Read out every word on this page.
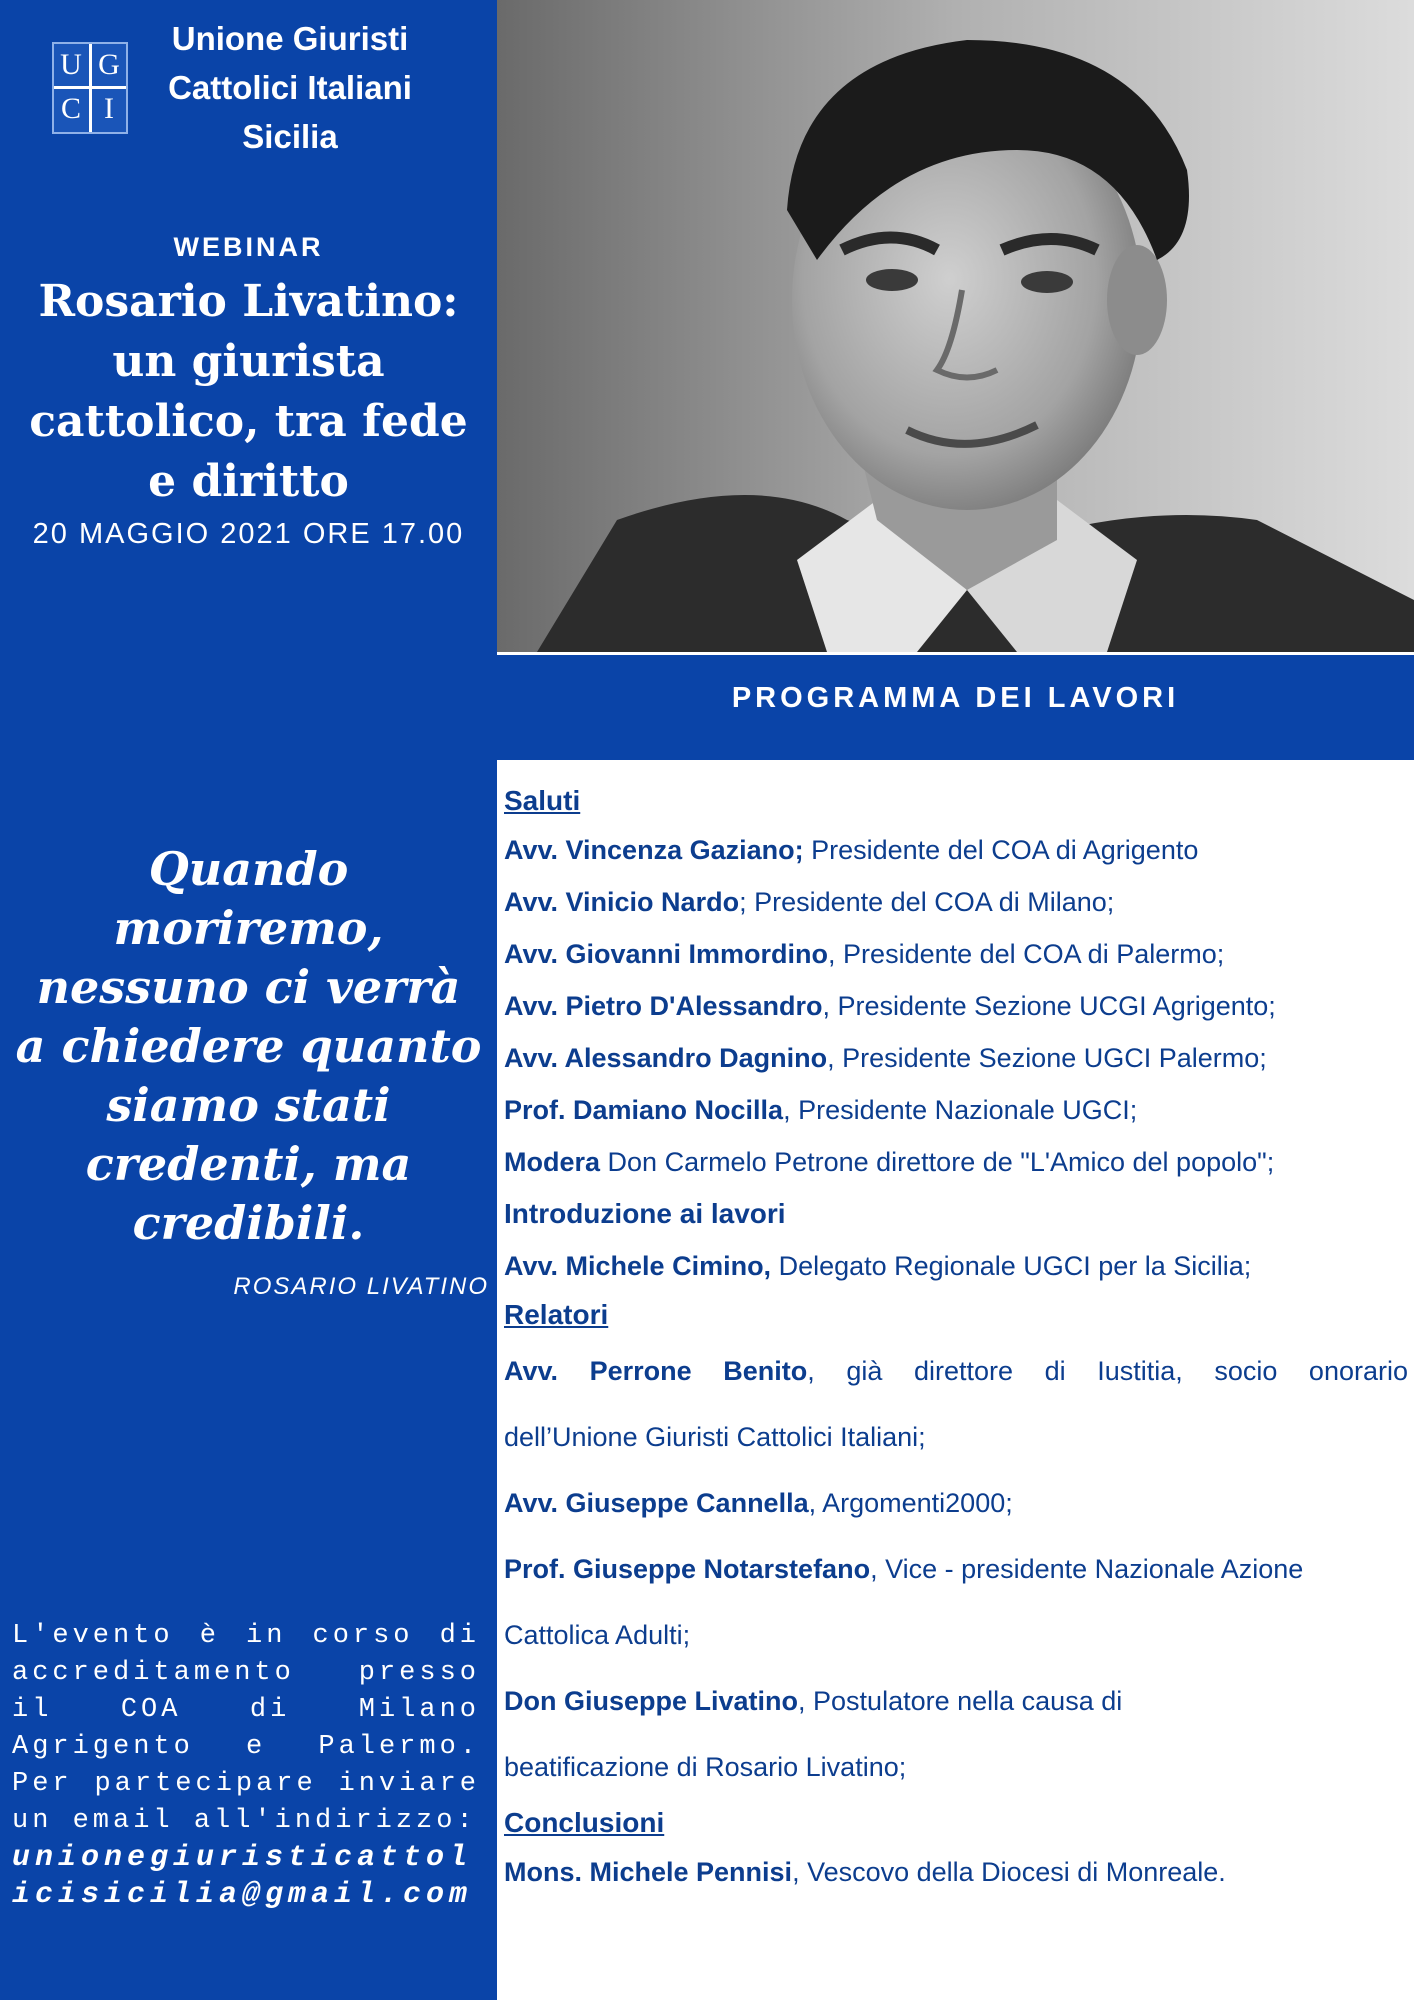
U G
C I
Unione Giuristi
Cattolici Italiani
Sicilia
WEBINAR
Rosario Livatino:
un giurista
cattolico, tra fede
e diritto
20 MAGGIO 2021 ORE 17.00
Quando
moriremo,
nessuno ci verrà
a chiedere quanto
siamo stati
credenti, ma
credibili.
ROSARIO LIVATINO
L'evento è in corso di accreditamento presso il COA di Milano Agrigento e Palermo. Per partecipare inviare un email all'indirizzo:
unionegiuristicattolicisicilia@gmail.com
PROGRAMMA DEI LAVORI
Saluti
Avv. Vincenza Gaziano; Presidente del COA di Agrigento
Avv. Vinicio Nardo; Presidente del COA di Milano;
Avv. Giovanni Immordino, Presidente del COA di Palermo;
Avv. Pietro D'Alessandro, Presidente Sezione UCGI Agrigento;
Avv. Alessandro Dagnino, Presidente Sezione UGCI Palermo;
Prof. Damiano Nocilla, Presidente Nazionale UGCI;
Modera Don Carmelo Petrone direttore de "L'Amico del popolo";
Introduzione ai lavori
Avv. Michele Cimino, Delegato Regionale UGCI per la Sicilia;
Relatori
Avv. Perrone Benito, già direttore di Iustitia, socio onorario
dell’Unione Giuristi Cattolici Italiani;
Avv. Giuseppe Cannella, Argomenti2000;
Prof. Giuseppe Notarstefano, Vice - presidente Nazionale Azione
Cattolica Adulti;
Don Giuseppe Livatino, Postulatore nella causa di
beatificazione di Rosario Livatino;
Conclusioni
Mons. Michele Pennisi, Vescovo della Diocesi di Monreale.
